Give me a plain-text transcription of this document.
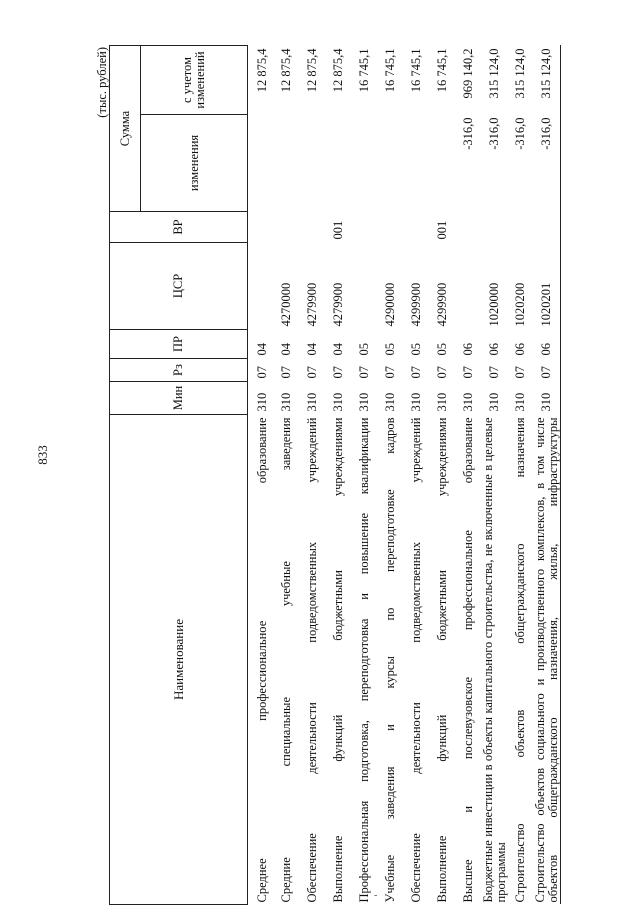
833
-
(тыс. рублей)
Наименование	Мин	Рз	ПР	ЦСР	ВР	Сумма	
						изменения	с учетом изменений
Среднее профессиональное образование	310	07	04				12 875,4
Средние специальные учебные заведения	310	07	04	4270000			12 875,4
Обеспечение деятельности подведомственных учреждений	310	07	04	4279900			12 875,4
Выполнение функций бюджетными учреждениями	310	07	04	4279900	001		12 875,4
Профессиональная подготовка, переподготовка и повышение квалификации	310	07	05				16 745,1
Учебные заведения и курсы по переподготовке кадров	310	07	05	4290000			16 745,1
Обеспечение деятельности подведомственных учреждений	310	07	05	4299900			16 745,1
Выполнение функций бюджетными учреждениями	310	07	05	4299900	001		16 745,1
Высшее и послевузовское профессиональное образование	310	07	06			-316,0	969 140,2
Бюджетные инвестиции в объекты капитального строительства, не включенные в целевые программы	310	07	06	1020000		-316,0	315 124,0
Строительство объектов общегражданского назначения	310	07	06	1020200		-316,0	315 124,0
Строительство объектов социального и производственного комплексов, в том числе объектов общегражданского назначения, жилья, инфраструктуры	310	07	06	1020201		-316,0	315 124,0
